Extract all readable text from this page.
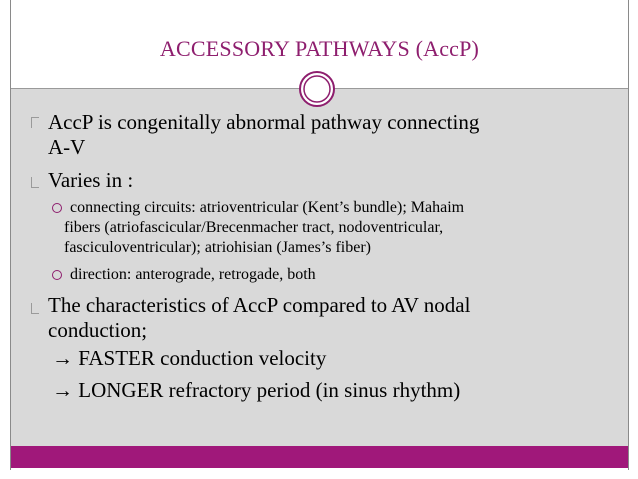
ACCESSORY PATHWAYS (AccP)
AccP is congenitally abnormal pathway connecting
A-V
Varies in :
connecting circuits: atrioventricular (Kent’s bundle); Mahaim
fibers (atriofascicular/Brecenmacher tract, nodoventricular,
fasciculoventricular); atriohisian (James’s fiber)
direction: anterograde, retrogade, both
The characteristics of AccP compared to AV nodal
conduction;
→ FASTER conduction velocity
→ LONGER refractory period (in sinus rhythm)
